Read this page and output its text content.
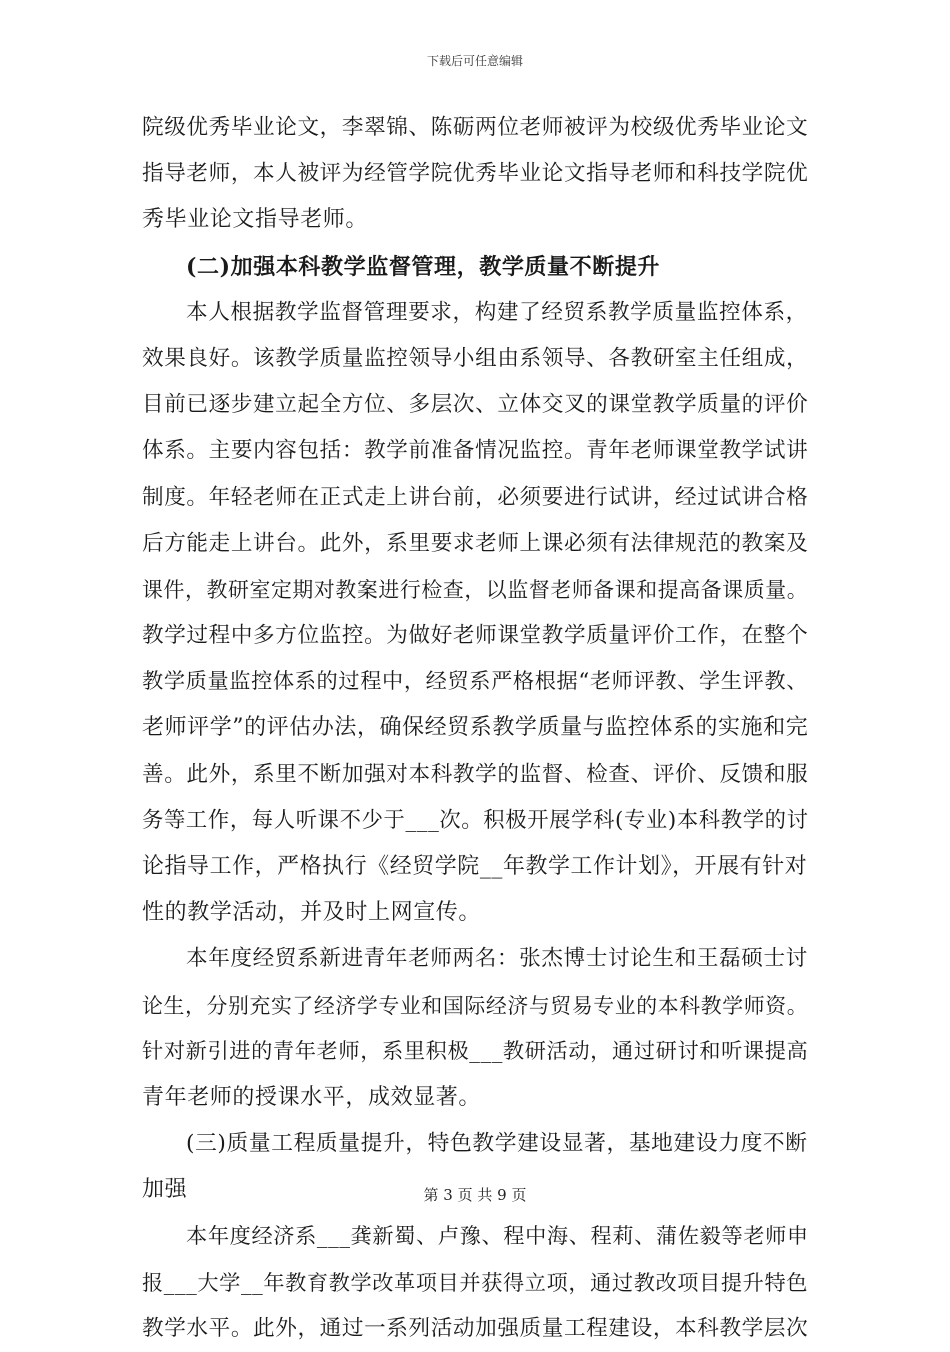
下载后可任意编辑
院级优秀毕业论文，李翠锦、陈砺两位老师被评为校级优秀毕业论文
指导老师，本人被评为经管学院优秀毕业论文指导老师和科技学院优
秀毕业论文指导老师。
(二)加强本科教学监督管理，教学质量不断提升
本人根据教学监督管理要求，构建了经贸系教学质量监控体系，
效果良好。该教学质量监控领导小组由系领导、各教研室主任组成，
目前已逐步建立起全方位、多层次、立体交叉的课堂教学质量的评价
体系。主要内容包括：教学前准备情况监控。青年老师课堂教学试讲
制度。年轻老师在正式走上讲台前，必须要进行试讲，经过试讲合格
后方能走上讲台。此外，系里要求老师上课必须有法律规范的教案及
课件，教研室定期对教案进行检查，以监督老师备课和提高备课质量。
教学过程中多方位监控。为做好老师课堂教学质量评价工作，在整个
教学质量监控体系的过程中，经贸系严格根据“老师评教、学生评教、
老师评学”的评估办法，确保经贸系教学质量与监控体系的实施和完
善。此外，系里不断加强对本科教学的监督、检查、评价、反馈和服
务等工作，每人听课不少于___次。积极开展学科(专业)本科教学的讨
论指导工作，严格执行《经贸学院__年教学工作计划》，开展有针对
性的教学活动，并及时上网宣传。
本年度经贸系新进青年老师两名：张杰博士讨论生和王磊硕士讨
论生，分别充实了经济学专业和国际经济与贸易专业的本科教学师资。
针对新引进的青年老师，系里积极___教研活动，通过研讨和听课提高
青年老师的授课水平，成效显著。
(三)质量工程质量提升，特色教学建设显著，基地建设力度不断
加强
本年度经济系___龚新蜀、卢豫、程中海、程莉、蒲佐毅等老师申
报___大学__年教育教学改革项目并获得立项，通过教改项目提升特色
教学水平。此外，通过一系列活动加强质量工程建设，本科教学层次
第 3 页 共 9 页
